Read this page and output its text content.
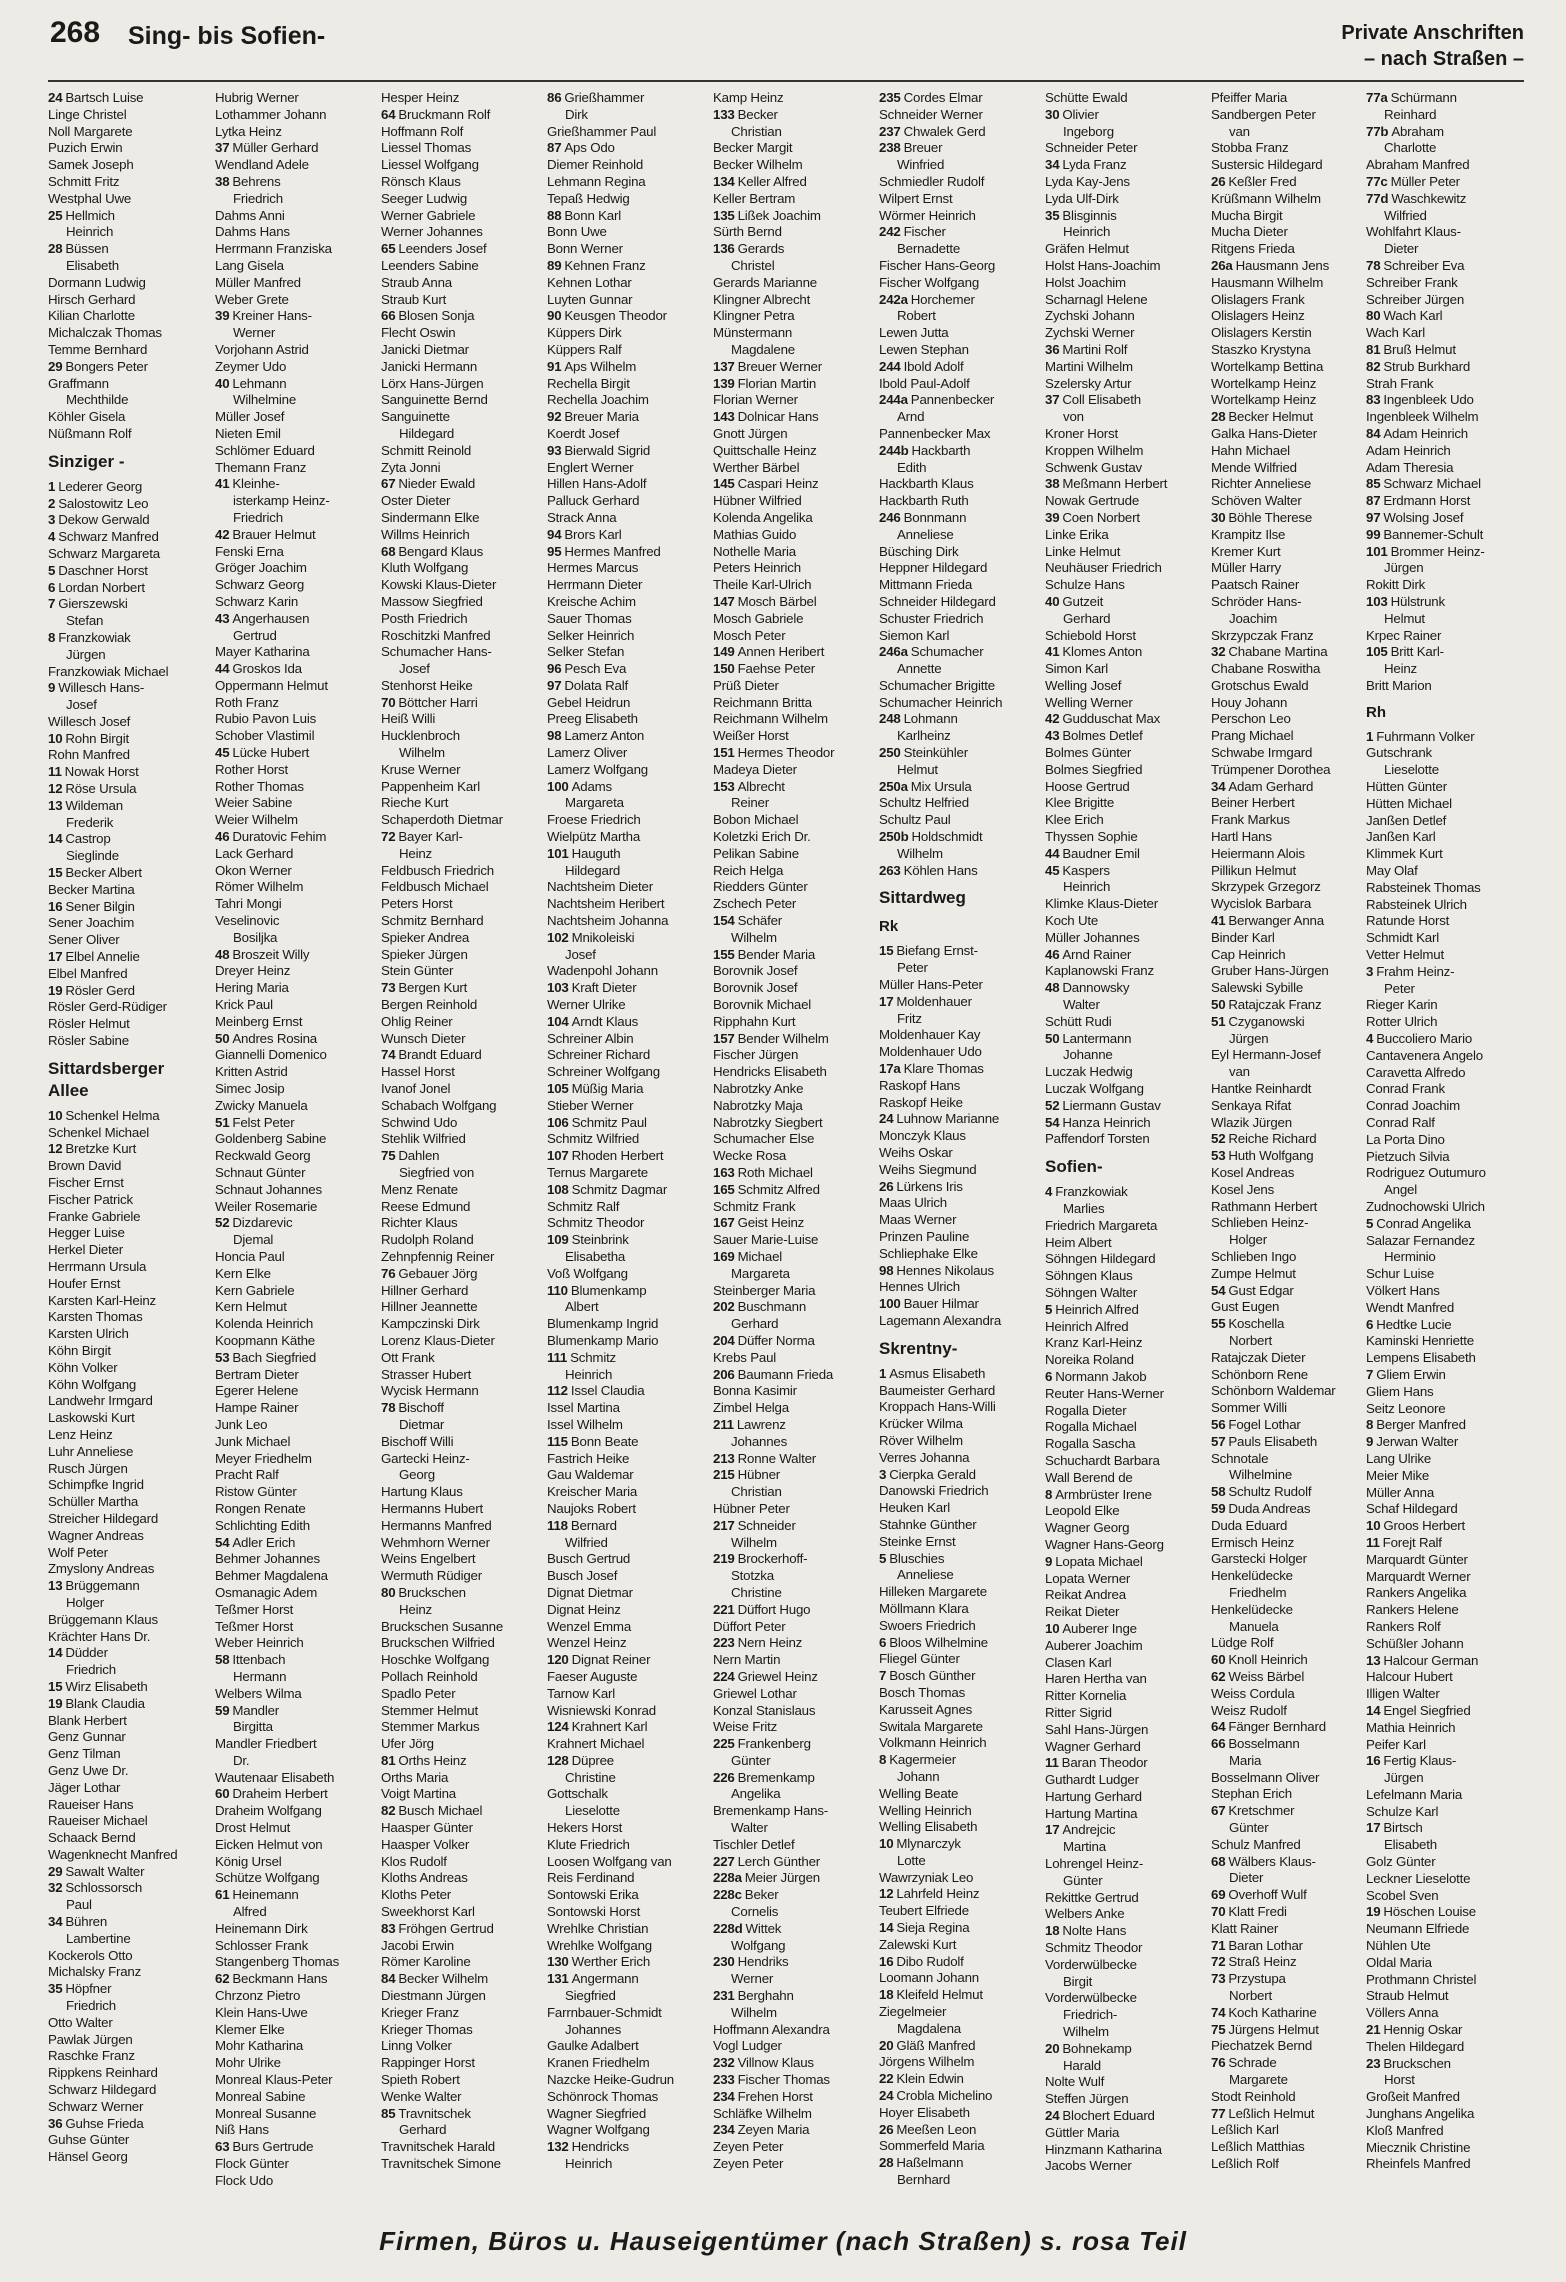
268 Sing- bis Sofien-	Private Anschriften
– nach Straßen –
24 Bartsch Luise
Linge Christel
Noll Margarete
Puzich Erwin
Samek Joseph
Schmitt Fritz
Westphal Uwe
25 Hellmich
Heinrich
28 Büssen
Elisabeth
Dormann Ludwig
Hirsch Gerhard
Kilian Charlotte
Michalczak Thomas
Temme Bernhard
29 Bongers Peter
Graffmann
Mechthilde
Köhler Gisela
Nüßmann Rolf
Sinziger -
1 Lederer Georg
2 Salostowitz Leo
3 Dekow Gerwald
4 Schwarz Manfred
Schwarz Margareta
5 Daschner Horst
6 Lordan Norbert
7 Gierszewski
Stefan
8 Franzkowiak
Jürgen
Franzkowiak Michael
9 Willesch Hans-
Josef
Willesch Josef
10 Rohn Birgit
Rohn Manfred
11 Nowak Horst
12 Röse Ursula
13 Wildeman
Frederik
14 Castrop
Sieglinde
15 Becker Albert
Becker Martina
16 Sener Bilgin
Sener Joachim
Sener Oliver
17 Elbel Annelie
Elbel Manfred
19 Rösler Gerd
Rösler Gerd-Rüdiger
Rösler Helmut
Rösler Sabine
Sittardsberger Allee
10 Schenkel Helma
Schenkel Michael
12 Bretzke Kurt
Brown David
Fischer Ernst
Fischer Patrick
Franke Gabriele
Hegger Luise
Herkel Dieter
Herrmann Ursula
Houfer Ernst
Karsten Karl-Heinz
Karsten Thomas
Karsten Ulrich
Köhn Birgit
Köhn Volker
Köhn Wolfgang
Landwehr Irmgard
Laskowski Kurt
Lenz Heinz
Luhr Anneliese
Rusch Jürgen
Schimpfke Ingrid
Schüller Martha
Streicher Hildegard
Wagner Andreas
Wolf Peter
Zmyslony Andreas
13 Brüggemann
Holger
Brüggemann Klaus
Krächter Hans Dr.
14 Düdder
Friedrich
15 Wirz Elisabeth
19 Blank Claudia
Blank Herbert
Genz Gunnar
Genz Tilman
Genz Uwe Dr.
Jäger Lothar
Raueiser Hans
Raueiser Michael
Schaack Bernd
Wagenknecht Manfred
29 Sawalt Walter
32 Schlossorsch
Paul
34 Bühren
Lambertine
Kockerols Otto
Michalsky Franz
35 Höpfner
Friedrich
Otto Walter
Pawlak Jürgen
Raschke Franz
Rippkens Reinhard
Schwarz Hildegard
Schwarz Werner
36 Guhse Frieda
Guhse Günter
Hänsel Georg
Hubrig Werner
Lothammer Johann
Lytka Heinz
37 Müller Gerhard
Wendland Adele
38 Behrens
Friedrich
Dahms Anni
Dahms Hans
Herrmann Franziska
Lang Gisela
Müller Manfred
Weber Grete
39 Kreiner Hans-
Werner
Vorjohann Astrid
Zeymer Udo
40 Lehmann
Wilhelmine
Müller Josef
Nieten Emil
Schlömer Eduard
Themann Franz
41 Kleinhe-
isterkamp Heinz-
Friedrich
42 Brauer Helmut
Fenski Erna
Gröger Joachim
Schwarz Georg
Schwarz Karin
43 Angerhausen
Gertrud
Mayer Katharina
44 Groskos Ida
Oppermann Helmut
Roth Franz
Rubio Pavon Luis
Schober Vlastimil
45 Lücke Hubert
Rother Horst
Rother Thomas
Weier Sabine
Weier Wilhelm
46 Duratovic Fehim
Lack Gerhard
Okon Werner
Römer Wilhelm
Tahri Mongi
Veselinovic
Bosiljka
48 Broszeit Willy
Dreyer Heinz
Hering Maria
Krick Paul
Meinberg Ernst
50 Andres Rosina
Giannelli Domenico
Kritten Astrid
Simec Josip
Zwicky Manuela
51 Felst Peter
Goldenberg Sabine
Reckwald Georg
Schnaut Günter
Schnaut Johannes
Weiler Rosemarie
52 Dizdarevic
Djemal
Honcia Paul
Kern Elke
Kern Gabriele
Kern Helmut
Kolenda Heinrich
Koopmann Käthe
53 Bach Siegfried
Bertram Dieter
Egerer Helene
Hampe Rainer
Junk Leo
Junk Michael
Meyer Friedhelm
Pracht Ralf
Ristow Günter
Rongen Renate
Schlichting Edith
54 Adler Erich
Behmer Johannes
Behmer Magdalena
Osmanagic Adem
Teßmer Horst
Teßmer Horst
Weber Heinrich
58 Ittenbach
Hermann
Welbers Wilma
59 Mandler
Birgitta
Mandler Friedbert
Dr.
Wautenaar Elisabeth
60 Draheim Herbert
Draheim Wolfgang
Drost Helmut
Eicken Helmut von
König Ursel
Schütze Wolfgang
61 Heinemann
Alfred
Heinemann Dirk
Schlosser Frank
Stangenberg Thomas
62 Beckmann Hans
Chrzonz Pietro
Klein Hans-Uwe
Klemer Elke
Mohr Katharina
Mohr Ulrike
Monreal Klaus-Peter
Monreal Sabine
Monreal Susanne
Niß Hans
63 Burs Gertrude
Flock Günter
Flock Udo
Hesper Heinz
64 Bruckmann Rolf
Hoffmann Rolf
Liessel Thomas
Liessel Wolfgang
Rönsch Klaus
Seeger Ludwig
Werner Gabriele
Werner Johannes
65 Leenders Josef
Leenders Sabine
Straub Anna
Straub Kurt
66 Blosen Sonja
Flecht Oswin
Janicki Dietmar
Janicki Hermann
Lörx Hans-Jürgen
Sanguinette Bernd
Sanguinette
Hildegard
Schmitt Reinold
Zyta Jonni
67 Nieder Ewald
Oster Dieter
Sindermann Elke
Willms Heinrich
68 Bengard Klaus
Kluth Wolfgang
Kowski Klaus-Dieter
Massow Siegfried
Posth Friedrich
Roschitzki Manfred
Schumacher Hans-
Josef
Stenhorst Heike
70 Böttcher Harri
Heiß Willi
Hucklenbroch
Wilhelm
Kruse Werner
Pappenheim Karl
Rieche Kurt
Schaperdoth Dietmar
72 Bayer Karl-
Heinz
Feldbusch Friedrich
Feldbusch Michael
Peters Horst
Schmitz Bernhard
Spieker Andrea
Spieker Jürgen
Stein Günter
73 Bergen Kurt
Bergen Reinhold
Ohlig Reiner
Wunsch Dieter
74 Brandt Eduard
Hassel Horst
Ivanof Jonel
Schabach Wolfgang
Schwind Udo
Stehlik Wilfried
75 Dahlen
Siegfried von
Menz Renate
Reese Edmund
Richter Klaus
Rudolph Roland
Zehnpfennig Reiner
76 Gebauer Jörg
Hillner Gerhard
Hillner Jeannette
Kampczinski Dirk
Lorenz Klaus-Dieter
Ott Frank
Strasser Hubert
Wycisk Hermann
78 Bischoff
Dietmar
Bischoff Willi
Gartecki Heinz-
Georg
Hartung Klaus
Hermanns Hubert
Hermanns Manfred
Wehmhorn Werner
Weins Engelbert
Wermuth Rüdiger
80 Bruckschen
Heinz
Bruckschen Susanne
Bruckschen Wilfried
Hoschke Wolfgang
Pollach Reinhold
Spadlo Peter
Stemmer Helmut
Stemmer Markus
Ufer Jörg
81 Orths Heinz
Orths Maria
Voigt Martina
82 Busch Michael
Haasper Günter
Haasper Volker
Klos Rudolf
Kloths Andreas
Kloths Peter
Sweekhorst Karl
83 Fröhgen Gertrud
Jacobi Erwin
Römer Karoline
84 Becker Wilhelm
Diestmann Jürgen
Krieger Franz
Krieger Thomas
Linng Volker
Rappinger Horst
Spieth Robert
Wenke Walter
85 Travnitschek
Gerhard
Travnitschek Harald
Travnitschek Simone
86 Grießhammer
Dirk
Grießhammer Paul
87 Aps Odo
Diemer Reinhold
Lehmann Regina
Tepaß Hedwig
88 Bonn Karl
Bonn Uwe
Bonn Werner
89 Kehnen Franz
Kehnen Lothar
Luyten Gunnar
90 Keusgen Theodor
Küppers Dirk
Küppers Ralf
91 Aps Wilhelm
Rechella Birgit
Rechella Joachim
92 Breuer Maria
Koerdt Josef
93 Bierwald Sigrid
Englert Werner
Hillen Hans-Adolf
Palluck Gerhard
Strack Anna
94 Brors Karl
95 Hermes Manfred
Hermes Marcus
Herrmann Dieter
Kreische Achim
Sauer Thomas
Selker Heinrich
Selker Stefan
96 Pesch Eva
97 Dolata Ralf
Gebel Heidrun
Preeg Elisabeth
98 Lamerz Anton
Lamerz Oliver
Lamerz Wolfgang
100 Adams
Margareta
Froese Friedrich
Wielpütz Martha
101 Hauguth
Hildegard
Nachtsheim Dieter
Nachtsheim Heribert
Nachtsheim Johanna
102 Mnikoleiski
Josef
Wadenpohl Johann
103 Kraft Dieter
Werner Ulrike
104 Arndt Klaus
Schreiner Albin
Schreiner Richard
Schreiner Wolfgang
105 Müßig Maria
Stieber Werner
106 Schmitz Paul
Schmitz Wilfried
107 Rhoden Herbert
Ternus Margarete
108 Schmitz Dagmar
Schmitz Ralf
Schmitz Theodor
109 Steinbrink
Elisabetha
Voß Wolfgang
110 Blumenkamp
Albert
Blumenkamp Ingrid
Blumenkamp Mario
111 Schmitz
Heinrich
112 Issel Claudia
Issel Martina
Issel Wilhelm
115 Bonn Beate
Fastrich Heike
Gau Waldemar
Kreischer Maria
Naujoks Robert
118 Bernard
Wilfried
Busch Gertrud
Busch Josef
Dignat Dietmar
Dignat Heinz
Wenzel Emma
Wenzel Heinz
120 Dignat Reiner
Faeser Auguste
Tarnow Karl
Wisniewski Konrad
124 Krahnert Karl
Krahnert Michael
128 Düpree
Christine
Gottschalk
Lieselotte
Hekers Horst
Klute Friedrich
Loosen Wolfgang van
Reis Ferdinand
Sontowski Erika
Sontowski Horst
Wrehlke Christian
Wrehlke Wolfgang
130 Werther Erich
131 Angermann
Siegfried
Farrnbauer-Schmidt
Johannes
Gaulke Adalbert
Kranen Friedhelm
Nazcke Heike-Gudrun
Schönrock Thomas
Wagner Siegfried
Wagner Wolfgang
132 Hendricks
Heinrich
Kamp Heinz
133 Becker
Christian
Becker Margit
Becker Wilhelm
134 Keller Alfred
Keller Bertram
135 Lißek Joachim
Sürth Bernd
136 Gerards
Christel
Gerards Marianne
Klingner Albrecht
Klingner Petra
Münstermann
Magdalene
137 Breuer Werner
139 Florian Martin
Florian Werner
143 Dolnicar Hans
Gnott Jürgen
Quittschalle Heinz
Werther Bärbel
145 Caspari Heinz
Hübner Wilfried
Kolenda Angelika
Mathias Guido
Nothelle Maria
Peters Heinrich
Theile Karl-Ulrich
147 Mosch Bärbel
Mosch Gabriele
Mosch Peter
149 Annen Heribert
150 Faehse Peter
Prüß Dieter
Reichmann Britta
Reichmann Wilhelm
Weißer Horst
151 Hermes Theodor
Madeya Dieter
153 Albrecht
Reiner
Bobon Michael
Koletzki Erich Dr.
Pelikan Sabine
Reich Helga
Riedders Günter
Zschech Peter
154 Schäfer
Wilhelm
155 Bender Maria
Borovnik Josef
Borovnik Josef
Borovnik Michael
Ripphahn Kurt
157 Bender Wilhelm
Fischer Jürgen
Hendricks Elisabeth
Nabrotzky Anke
Nabrotzky Maja
Nabrotzky Siegbert
Schumacher Else
Wecke Rosa
163 Roth Michael
165 Schmitz Alfred
Schmitz Frank
167 Geist Heinz
Sauer Marie-Luise
169 Michael
Margareta
Steinberger Maria
202 Buschmann
Gerhard
204 Düffer Norma
Krebs Paul
206 Baumann Frieda
Bonna Kasimir
Zimbel Helga
211 Lawrenz
Johannes
213 Ronne Walter
215 Hübner
Christian
Hübner Peter
217 Schneider
Wilhelm
219 Brockerhoff-
Stotzka
Christine
221 Düffort Hugo
Düffort Peter
223 Nern Heinz
Nern Martin
224 Griewel Heinz
Griewel Lothar
Konzal Stanislaus
Weise Fritz
225 Frankenberg
Günter
226 Bremenkamp
Angelika
Bremenkamp Hans-
Walter
Tischler Detlef
227 Lerch Günther
228a Meier Jürgen
228c Beker
Cornelis
228d Wittek
Wolfgang
230 Hendriks
Werner
231 Berghahn
Wilhelm
Hoffmann Alexandra
Vogl Ludger
232 Villnow Klaus
233 Fischer Thomas
234 Frehen Horst
Schläfke Wilhelm
234 Zeyen Maria
Zeyen Peter
Zeyen Peter
235 Cordes Elmar
Schneider Werner
237 Chwalek Gerd
238 Breuer
Winfried
Schmiedler Rudolf
Wilpert Ernst
Wörmer Heinrich
242 Fischer
Bernadette
Fischer Hans-Georg
Fischer Wolfgang
242a Horchemer
Robert
Lewen Jutta
Lewen Stephan
244 Ibold Adolf
Ibold Paul-Adolf
244a Pannenbecker
Arnd
Pannenbecker Max
244b Hackbarth
Edith
Hackbarth Klaus
Hackbarth Ruth
246 Bonnmann
Anneliese
Büsching Dirk
Heppner Hildegard
Mittmann Frieda
Schneider Hildegard
Schuster Friedrich
Siemon Karl
246a Schumacher
Annette
Schumacher Brigitte
Schumacher Heinrich
248 Lohmann
Karlheinz
250 Steinkühler
Helmut
250a Mix Ursula
Schultz Helfried
Schultz Paul
250b Holdschmidt
Wilhelm
263 Köhlen Hans
Sittardweg
Rk
15 Biefang Ernst-
Peter
Müller Hans-Peter
17 Moldenhauer
Fritz
Moldenhauer Kay
Moldenhauer Udo
17a Klare Thomas
Raskopf Hans
Raskopf Heike
24 Luhnow Marianne
Monczyk Klaus
Weihs Oskar
Weihs Siegmund
26 Lürkens Iris
Maas Ulrich
Maas Werner
Prinzen Pauline
Schliephake Elke
98 Hennes Nikolaus
Hennes Ulrich
100 Bauer Hilmar
Lagemann Alexandra
Skrentny-
1 Asmus Elisabeth
Baumeister Gerhard
Kroppach Hans-Willi
Krücker Wilma
Röver Wilhelm
Verres Johanna
3 Cierpka Gerald
Danowski Friedrich
Heuken Karl
Stahnke Günther
Steinke Ernst
5 Bluschies
Anneliese
Hilleken Margarete
Möllmann Klara
Swoers Friedrich
6 Bloos Wilhelmine
Fliegel Günter
7 Bosch Günther
Bosch Thomas
Karusseit Agnes
Switala Margarete
Volkmann Heinrich
8 Kagermeier
Johann
Welling Beate
Welling Heinrich
Welling Elisabeth
10 Mlynarczyk
Lotte
Wawrzyniak Leo
12 Lahrfeld Heinz
Teubert Elfriede
14 Sieja Regina
Zalewski Kurt
16 Dibo Rudolf
Loomann Johann
18 Kleifeld Helmut
Ziegelmeier
Magdalena
20 Gläß Manfred
Jörgens Wilhelm
22 Klein Edwin
24 Crobla Michelino
Hoyer Elisabeth
26 Meeßen Leon
Sommerfeld Maria
28 Haßelmann
Bernhard
Schütte Ewald
30 Olivier
Ingeborg
Schneider Peter
34 Lyda Franz
Lyda Kay-Jens
Lyda Ulf-Dirk
35 Blisginnis
Heinrich
Gräfen Helmut
Holst Hans-Joachim
Holst Joachim
Scharnagl Helene
Zychski Johann
Zychski Werner
36 Martini Rolf
Martini Wilhelm
Szelersky Artur
37 Coll Elisabeth
von
Kroner Horst
Kroppen Wilhelm
Schwenk Gustav
38 Meßmann Herbert
Nowak Gertrude
39 Coen Norbert
Linke Erika
Linke Helmut
Neuhäuser Friedrich
Schulze Hans
40 Gutzeit
Gerhard
Schiebold Horst
41 Klomes Anton
Simon Karl
Welling Josef
Welling Werner
42 Gudduschat Max
43 Bolmes Detlef
Bolmes Günter
Bolmes Siegfried
Hoose Gertrud
Klee Brigitte
Klee Erich
Thyssen Sophie
44 Baudner Emil
45 Kaspers
Heinrich
Klimke Klaus-Dieter
Koch Ute
Müller Johannes
46 Arnd Rainer
Kaplanowski Franz
48 Dannowsky
Walter
Schütt Rudi
50 Lantermann
Johanne
Luczak Hedwig
Luczak Wolfgang
52 Liermann Gustav
54 Hanza Heinrich
Paffendorf Torsten
Sofien-
4 Franzkowiak
Marlies
Friedrich Margareta
Heim Albert
Söhngen Hildegard
Söhngen Klaus
Söhngen Walter
5 Heinrich Alfred
Heinrich Alfred
Kranz Karl-Heinz
Noreika Roland
6 Normann Jakob
Reuter Hans-Werner
Rogalla Dieter
Rogalla Michael
Rogalla Sascha
Schuchardt Barbara
Wall Berend de
8 Armbrüster Irene
Leopold Elke
Wagner Georg
Wagner Hans-Georg
9 Lopata Michael
Lopata Werner
Reikat Andrea
Reikat Dieter
10 Auberer Inge
Auberer Joachim
Clasen Karl
Haren Hertha van
Ritter Kornelia
Ritter Sigrid
Sahl Hans-Jürgen
Wagner Gerhard
11 Baran Theodor
Guthardt Ludger
Hartung Gerhard
Hartung Martina
17 Andrejcic
Martina
Lohrengel Heinz-
Günter
Rekittke Gertrud
Welbers Anke
18 Nolte Hans
Schmitz Theodor
Vorderwülbecke
Birgit
Vorderwülbecke
Friedrich-
Wilhelm
20 Bohnekamp
Harald
Nolte Wulf
Steffen Jürgen
24 Blochert Eduard
Güttler Maria
Hinzmann Katharina
Jacobs Werner
Pfeiffer Maria
Sandbergen Peter
van
Stobba Franz
Sustersic Hildegard
26 Keßler Fred
Krüßmann Wilhelm
Mucha Birgit
Mucha Dieter
Ritgens Frieda
26a Hausmann Jens
Hausmann Wilhelm
Olislagers Frank
Olislagers Heinz
Olislagers Kerstin
Staszko Krystyna
Wortelkamp Bettina
Wortelkamp Heinz
Wortelkamp Heinz
28 Becker Helmut
Galka Hans-Dieter
Hahn Michael
Mende Wilfried
Richter Anneliese
Schöven Walter
30 Böhle Therese
Krampitz Ilse
Kremer Kurt
Müller Harry
Paatsch Rainer
Schröder Hans-
Joachim
Skrzypczak Franz
32 Chabane Martina
Chabane Roswitha
Grotschus Ewald
Houy Johann
Perschon Leo
Prang Michael
Schwabe Irmgard
Trümpener Dorothea
34 Adam Gerhard
Beiner Herbert
Frank Markus
Hartl Hans
Heiermann Alois
Pillikun Helmut
Skrzypek Grzegorz
Wycislok Barbara
41 Berwanger Anna
Binder Karl
Cap Heinrich
Gruber Hans-Jürgen
Salewski Sybille
50 Ratajczak Franz
51 Czyganowski
Jürgen
Eyl Hermann-Josef
van
Hantke Reinhardt
Senkaya Rifat
Wlazik Jürgen
52 Reiche Richard
53 Huth Wolfgang
Kosel Andreas
Kosel Jens
Rathmann Herbert
Schlieben Heinz-
Holger
Schlieben Ingo
Zumpe Helmut
54 Gust Edgar
Gust Eugen
55 Koschella
Norbert
Ratajczak Dieter
Schönborn Rene
Schönborn Waldemar
Sommer Willi
56 Fogel Lothar
57 Pauls Elisabeth
Schnotale
Wilhelmine
58 Schultz Rudolf
59 Duda Andreas
Duda Eduard
Ermisch Heinz
Garstecki Holger
Henkelüdecke
Friedhelm
Henkelüdecke
Manuela
Lüdge Rolf
60 Knoll Heinrich
62 Weiss Bärbel
Weiss Cordula
Weisz Rudolf
64 Fänger Bernhard
66 Bosselmann
Maria
Bosselmann Oliver
Stephan Erich
67 Kretschmer
Günter
Schulz Manfred
68 Wälbers Klaus-
Dieter
69 Overhoff Wulf
70 Klatt Fredi
Klatt Rainer
71 Baran Lothar
72 Straß Heinz
73 Przystupa
Norbert
74 Koch Katharine
75 Jürgens Helmut
Piechatzek Bernd
76 Schrade
Margarete
Stodt Reinhold
77 Leßlich Helmut
Leßlich Karl
Leßlich Matthias
Leßlich Rolf
77a Schürmann
Reinhard
77b Abraham
Charlotte
Abraham Manfred
77c Müller Peter
77d Waschkewitz
Wilfried
Wohlfahrt Klaus-
Dieter
78 Schreiber Eva
Schreiber Frank
Schreiber Jürgen
80 Wach Karl
Wach Karl
81 Bruß Helmut
82 Strub Burkhard
Strah Frank
83 Ingenbleek Udo
Ingenbleek Wilhelm
84 Adam Heinrich
Adam Heinrich
Adam Theresia
85 Schwarz Michael
87 Erdmann Horst
97 Wolsing Josef
99 Bannemer-Schult
101 Brommer Heinz-
Jürgen
Rokitt Dirk
103 Hülstrunk
Helmut
Krpec Rainer
105 Britt Karl-
Heinz
Britt Marion
Rh
1 Fuhrmann Volker
Gutschrank
Lieselotte
Hütten Günter
Hütten Michael
Janßen Detlef
Janßen Karl
Klimmek Kurt
May Olaf
Rabsteinek Thomas
Rabsteinek Ulrich
Ratunde Horst
Schmidt Karl
Vetter Helmut
3 Frahm Heinz-
Peter
Rieger Karin
Rotter Ulrich
4 Buccoliero Mario
Cantavenera Angelo
Caravetta Alfredo
Conrad Frank
Conrad Joachim
Conrad Ralf
La Porta Dino
Pietzuch Silvia
Rodriguez Outumuro
Angel
Zudnochowski Ulrich
5 Conrad Angelika
Salazar Fernandez
Herminio
Schur Luise
Völkert Hans
Wendt Manfred
6 Hedtke Lucie
Kaminski Henriette
Lempens Elisabeth
7 Gliem Erwin
Gliem Hans
Seitz Leonore
8 Berger Manfred
9 Jerwan Walter
Lang Ulrike
Meier Mike
Müller Anna
Schaf Hildegard
10 Groos Herbert
11 Forejt Ralf
Marquardt Günter
Marquardt Werner
Rankers Angelika
Rankers Helene
Rankers Rolf
Schüßler Johann
13 Halcour German
Halcour Hubert
Illigen Walter
14 Engel Siegfried
Mathia Heinrich
Peifer Karl
16 Fertig Klaus-
Jürgen
Lefelmann Maria
Schulze Karl
17 Birtsch
Elisabeth
Golz Günter
Leckner Lieselotte
Scobel Sven
19 Höschen Louise
Neumann Elfriede
Nühlen Ute
Oldal Maria
Prothmann Christel
Straub Helmut
Völlers Anna
21 Hennig Oskar
Thelen Hildegard
23 Bruckschen
Horst
Großeit Manfred
Junghans Angelika
Kloß Manfred
Miecznik Christine
Rheinfels Manfred
Firmen, Büros u. Hauseigentümer (nach Straßen) s. rosa Teil
